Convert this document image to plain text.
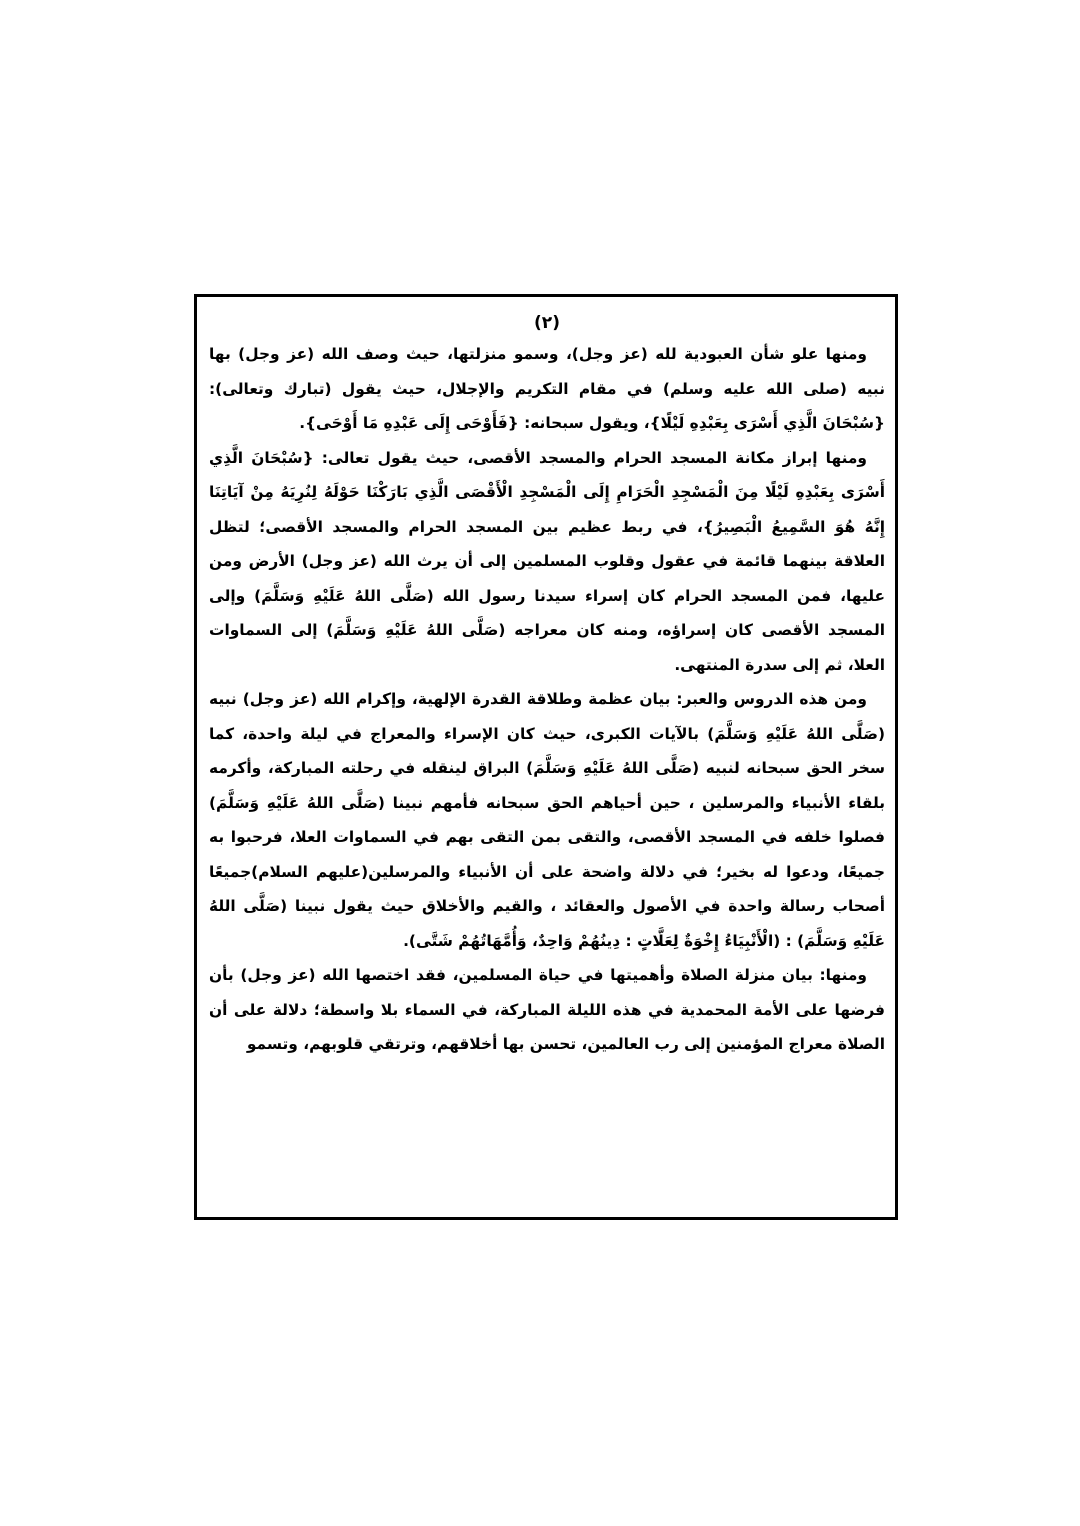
(٢)

ومنها علو شأن العبودية لله (عز وجل)، وسمو منزلتها، حيث وصف الله (عز وجل) بها نبيه (صلى الله عليه وسلم) في مقام التكريم والإجلال، حيث يقول (تبارك وتعالى): {سُبْحَانَ الَّذِي أَسْرَى بِعَبْدِهِ لَيْلًا}، ويقول سبحانه: {فَأَوْحَى إِلَى عَبْدِهِ مَا أَوْحَى}.

ومنها إبراز مكانة المسجد الحرام والمسجد الأقصى، حيث يقول تعالى: {سُبْحَانَ الَّذِي أَسْرَى بِعَبْدِهِ لَيْلًا مِنَ الْمَسْجِدِ الْحَرَامِ إِلَى الْمَسْجِدِ الْأَقْصَى الَّذِي بَارَكْنَا حَوْلَهُ لِنُرِيَهُ مِنْ آيَاتِنَا إِنَّهُ هُوَ السَّمِيعُ الْبَصِيرُ}، في ربط عظيم بين المسجد الحرام والمسجد الأقصى؛ لتظل العلاقة بينهما قائمة في عقول وقلوب المسلمين إلى أن يرث الله (عز وجل) الأرض ومن عليها، فمن المسجد الحرام كان إسراء سيدنا رسول الله (صَلَّى اللهُ عَلَيْهِ وَسَلَّمَ) وإلى المسجد الأقصى كان إسراؤه، ومنه كان معراجه (صَلَّى اللهُ عَلَيْهِ وَسَلَّمَ) إلى السماوات العلا، ثم إلى سدرة المنتهى.

ومن هذه الدروس والعبر: بيان عظمة وطلاقة القدرة الإلهية، وإكرام الله (عز وجل) نبيه (صَلَّى اللهُ عَلَيْهِ وَسَلَّمَ) بالآيات الكبرى، حيث كان الإسراء والمعراج في ليلة واحدة، كما سخر الحق سبحانه لنبيه (صَلَّى اللهُ عَلَيْهِ وَسَلَّمَ) البراق لينقله في رحلته المباركة، وأكرمه بلقاء الأنبياء والمرسلين ، حين أحياهم الحق سبحانه فأمهم نبينا (صَلَّى اللهُ عَلَيْهِ وَسَلَّمَ) فصلوا خلفه في المسجد الأقصى، والتقى بمن التقى بهم في السماوات العلا، فرحبوا به جميعًا، ودعوا له بخير؛ في دلالة واضحة على أن الأنبياء والمرسلين(عليهم السلام)جميعًا أصحاب رسالة واحدة في الأصول والعقائد ، والقيم والأخلاق حيث يقول نبينا (صَلَّى اللهُ عَلَيْهِ وَسَلَّمَ) : (الْأَنْبِيَاءُ إِخْوَةٌ لِعَلَّاتٍ : دِينُهُمْ وَاحِدٌ، وَأُمَّهَاتُهُمْ شَتَّى).

ومنها: بيان منزلة الصلاة وأهميتها في حياة المسلمين، فقد اختصها الله (عز وجل) بأن فرضها على الأمة المحمدية في هذه الليلة المباركة، في السماء بلا واسطة؛ دلالة على أن الصلاة معراج المؤمنين إلى رب العالمين، تحسن بها أخلاقهم، وترتقي قلوبهم، وتسمو
